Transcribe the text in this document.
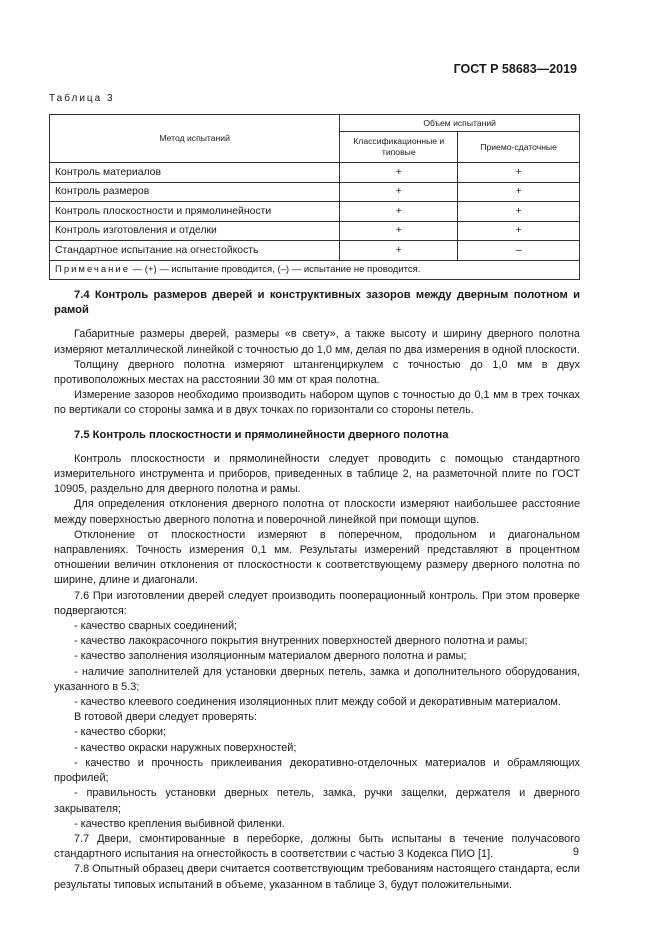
ГОСТ Р 58683—2019
Таблица 3
Метод испытаний	Объем испытаний	
	Классификационные и типовые	Приемо-сдаточные
Контроль материалов	+	+
Контроль размеров	+	+
Контроль плоскостности и прямолинейности	+	+
Контроль изготовления и отделки	+	+
Стандартное испытание на огнестойкость	+	–
Примечание — (+) — испытание проводится, (–) — испытание не проводится.		
7.4 Контроль размеров дверей и конструктивных зазоров между дверным полотном и рамой

Габаритные размеры дверей, размеры «в свету», а также высоту и ширину дверного полотна измеряют металлической линейкой с точностью до 1,0 мм, делая по два измерения в одной плоскости.

Толщину дверного полотна измеряют штангенциркулем с точностью до 1,0 мм в двух противоположных местах на расстоянии 30 мм от края полотна.

Измерение зазоров необходимо производить набором щупов с точностью до 0,1 мм в трех точках по вертикали со стороны замка и в двух точках по горизонтали со стороны петель.

7.5 Контроль плоскостности и прямолинейности дверного полотна

Контроль плоскостности и прямолинейности следует проводить с помощью стандартного измерительного инструмента и приборов, приведенных в таблице 2, на разметочной плите по ГОСТ 10905, раздельно для дверного полотна и рамы.

Для определения отклонения дверного полотна от плоскости измеряют наибольшее расстояние между поверхностью дверного полотна и поверочной линейкой при помощи щупов.

Отклонение от плоскостности измеряют в поперечном, продольном и диагональном направлениях. Точность измерения 0,1 мм. Результаты измерений представляют в процентном отношении величин отклонения от плоскостности к соответствующему размеру дверного полотна по ширине, длине и диагонали.

7.6 При изготовлении дверей следует производить пооперационный контроль. При этом проверке подвергаются:

- качество сварных соединений;

- качество лакокрасочного покрытия внутренних поверхностей дверного полотна и рамы;

- качество заполнения изоляционным материалом дверного полотна и рамы;

- наличие заполнителей для установки дверных петель, замка и дополнительного оборудования, указанного в 5.3;

- качество клеевого соединения изоляционных плит между собой и декоративным материалом.

В готовой двери следует проверять:

- качество сборки;

- качество окраски наружных поверхностей;

- качество и прочность приклеивания декоративно-отделочных материалов и обрамляющих профилей;

- правильность установки дверных петель, замка, ручки защелки, держателя и дверного закрывателя;

- качество крепления выбивной филенки.

7.7 Двери, смонтированные в переборке, должны быть испытаны в течение получасового стандартного испытания на огнестойкость в соответствии с частью 3 Кодекса ПИО [1].

7.8 Опытный образец двери считается соответствующим требованиям настоящего стандарта, если результаты типовых испытаний в объеме, указанном в таблице 3, будут положительными.

9
